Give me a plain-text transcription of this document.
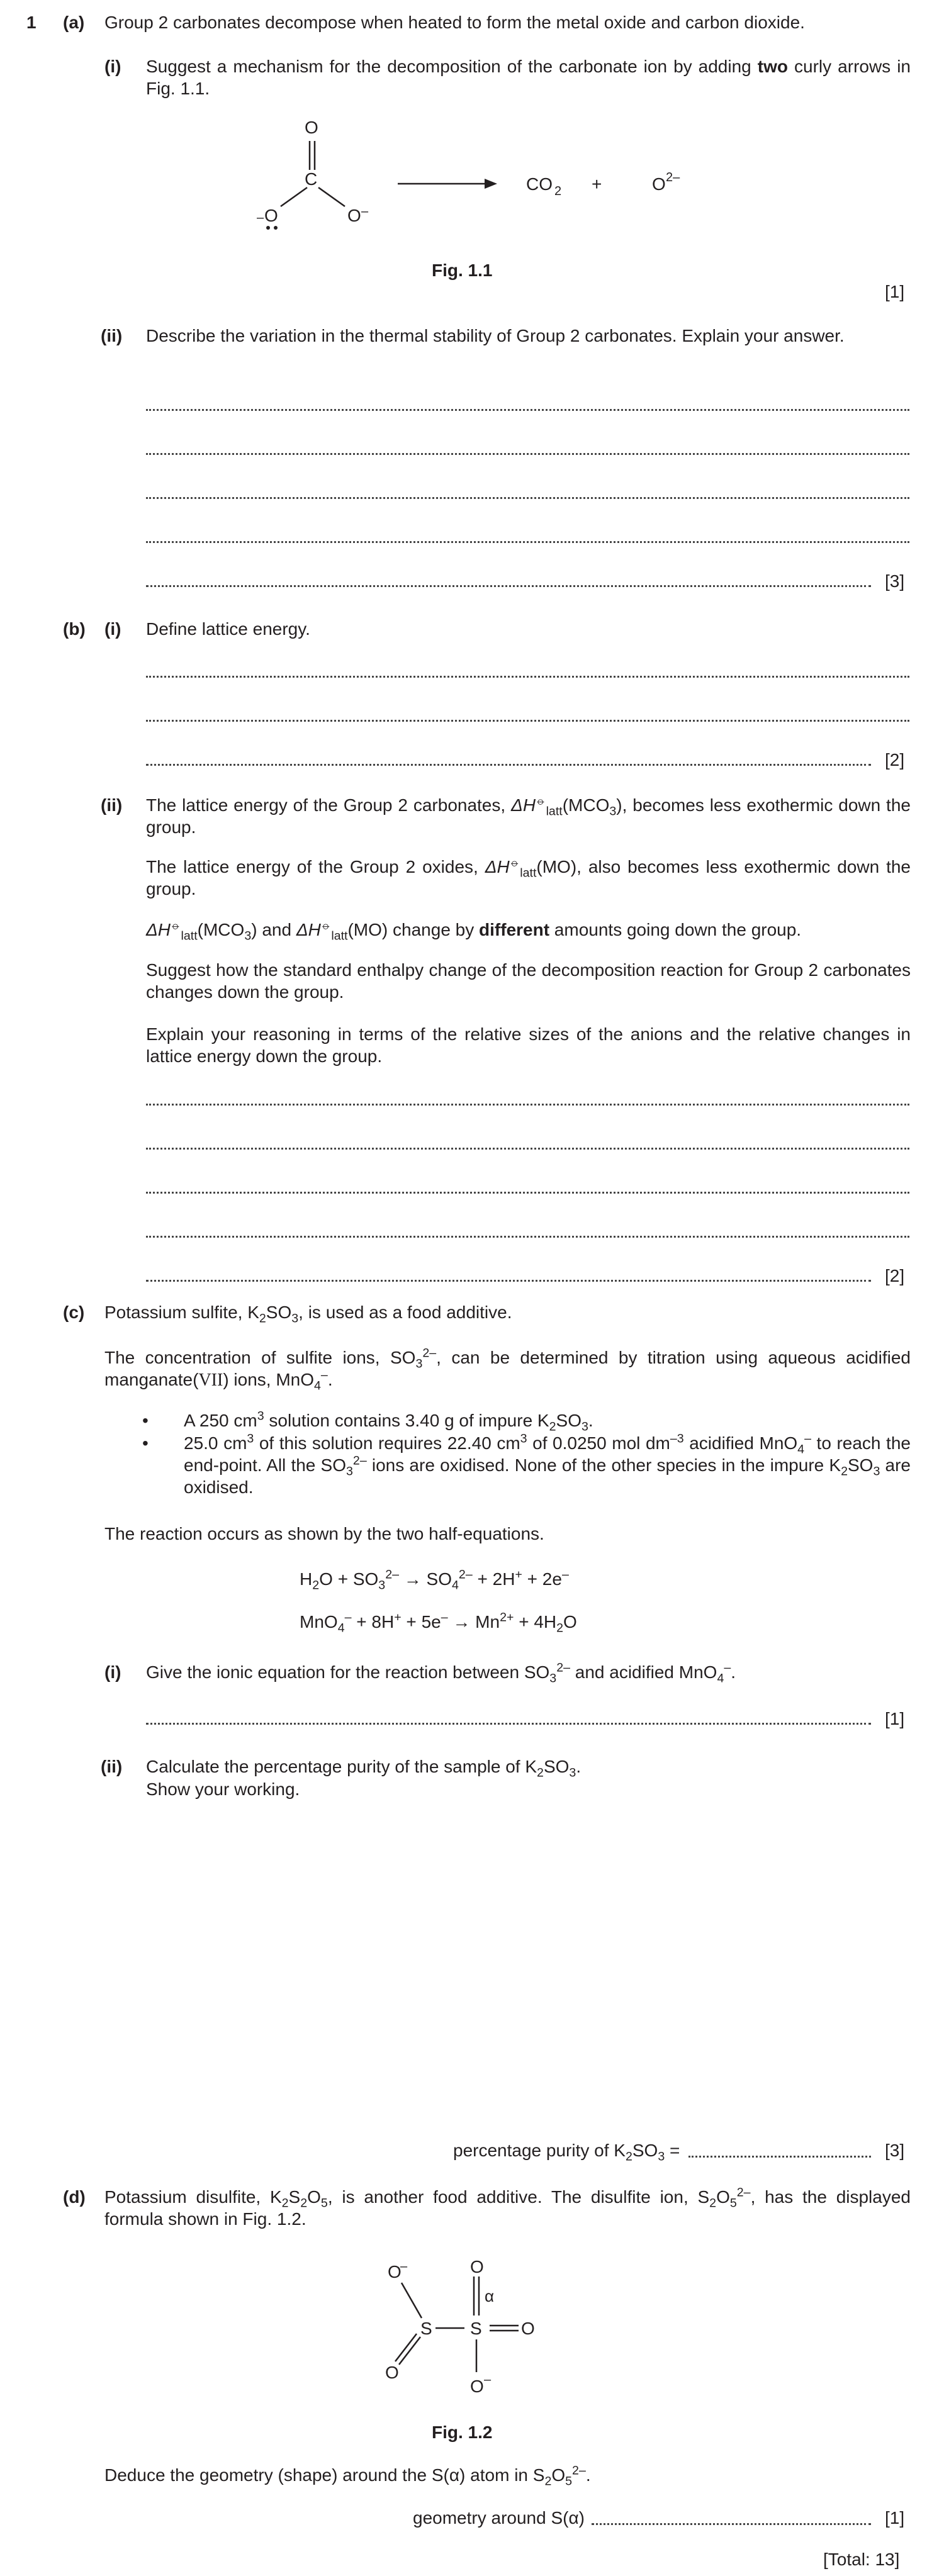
1 (a) Group 2 carbonates decompose when heated to form the metal oxide and carbon dioxide.
(i) Suggest a mechanism for the decomposition of the carbonate ion by adding two curly arrows in Fig. 1.1.
O
C
– O	O –
CO 2 +	O 2–
Fig. 1.1
[1]
(ii) Describe the variation in the thermal stability of Group 2 carbonates. Explain your answer.
[3]
(b) (i) Define lattice energy.
[2]
(ii) The lattice energy of the Group 2 carbonates, $\Delta H^⦵_{latt}(MCO_3)$, becomes less exothermic down the group.
The lattice energy of the Group 2 oxides, $\Delta H^⦵_{latt}(MO)$, also becomes less exothermic down the group.
$\Delta H^⦵_{latt}(MCO_3)$ and $\Delta H^⦵_{latt}(MO)$ change by different amounts going down the group.
Suggest how the standard enthalpy change of the decomposition reaction for Group 2 carbonates changes down the group.
Explain your reasoning in terms of the relative sizes of the anions and the relative changes in lattice energy down the group.
[2]
(c) Potassium sulfite, $K_2SO_3$, is used as a food additive.
The concentration of sulfite ions, $SO_3^{2-}$, can be determined by titration using aqueous acidified manganate(VII) ions, MnO$_4$–.
• A 250 $cm^3$ solution contains 3.40 g of impure $K_2SO_3$.
• 25.0 $cm^3$ of this solution requires 22.40 $cm^3$ of 0.0250 mol $dm^{-3}$ acidified MnO$_4$– to reach the end-point. All the $SO_3^{2-}$ ions are oxidised. None of the other species in the impure $K_2SO_3$ are oxidised.
The reaction occurs as shown by the two half-equations.
$H_2O + SO_3^{2-} \to SO_4^{2-} + 2H^+ + 2e^-$
$MnO_4^- + 8H^+ + 5e^- \to Mn^{2+} + 4H_2O$
(i) Give the ionic equation for the reaction between $SO_3^{2-}$ and acidified MnO$_4$–.
[1]
(ii) Calculate the percentage purity of the sample of $K_2SO_3$.
Show your working.
percentage purity of $K_2SO_3$ =	[3]
(d) Potassium disulfite, $K_2S_2O_5$, is another food additive. The disulfite ion, $S_2O_5^{2-}$, has the displayed formula shown in Fig. 1.2.
O
–
O
S S
O
α
O
O –
Fig. 1.2
Deduce the geometry (shape) around the S(α) atom in $S_2O_5^{2-}$.
geometry around S(α)	[1]
[Total: 13]
